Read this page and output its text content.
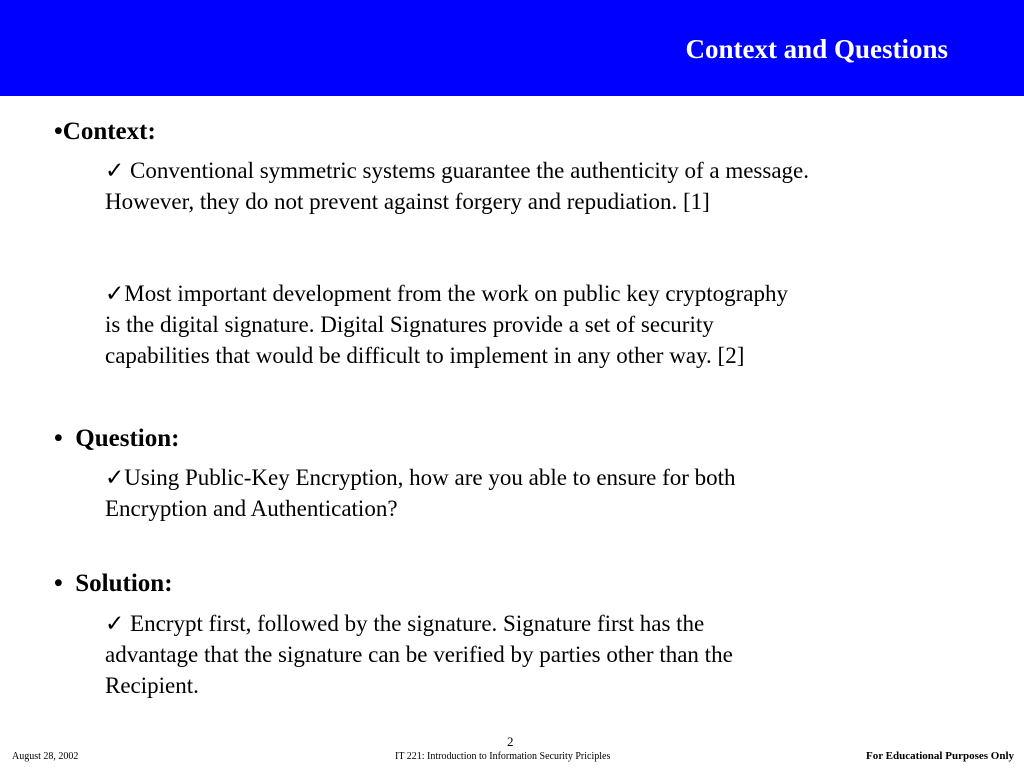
Context and Questions
•Context:
✓ Conventional symmetric systems guarantee the authenticity of a message.
However, they do not prevent against forgery and repudiation. [1]
✓Most important development from the work on public key cryptography
is the digital signature. Digital Signatures provide a set of security
capabilities that would be difficult to implement in any other way. [2]
• Question:
✓Using Public-Key Encryption, how are you able to ensure for both
Encryption and Authentication?
• Solution:
✓ Encrypt first, followed by the signature. Signature first has the
advantage that the signature can be verified by parties other than the
Recipient.
August 28, 2002
2
IT 221: Introduction to Information Security Priciples	For Educational Purposes Only
